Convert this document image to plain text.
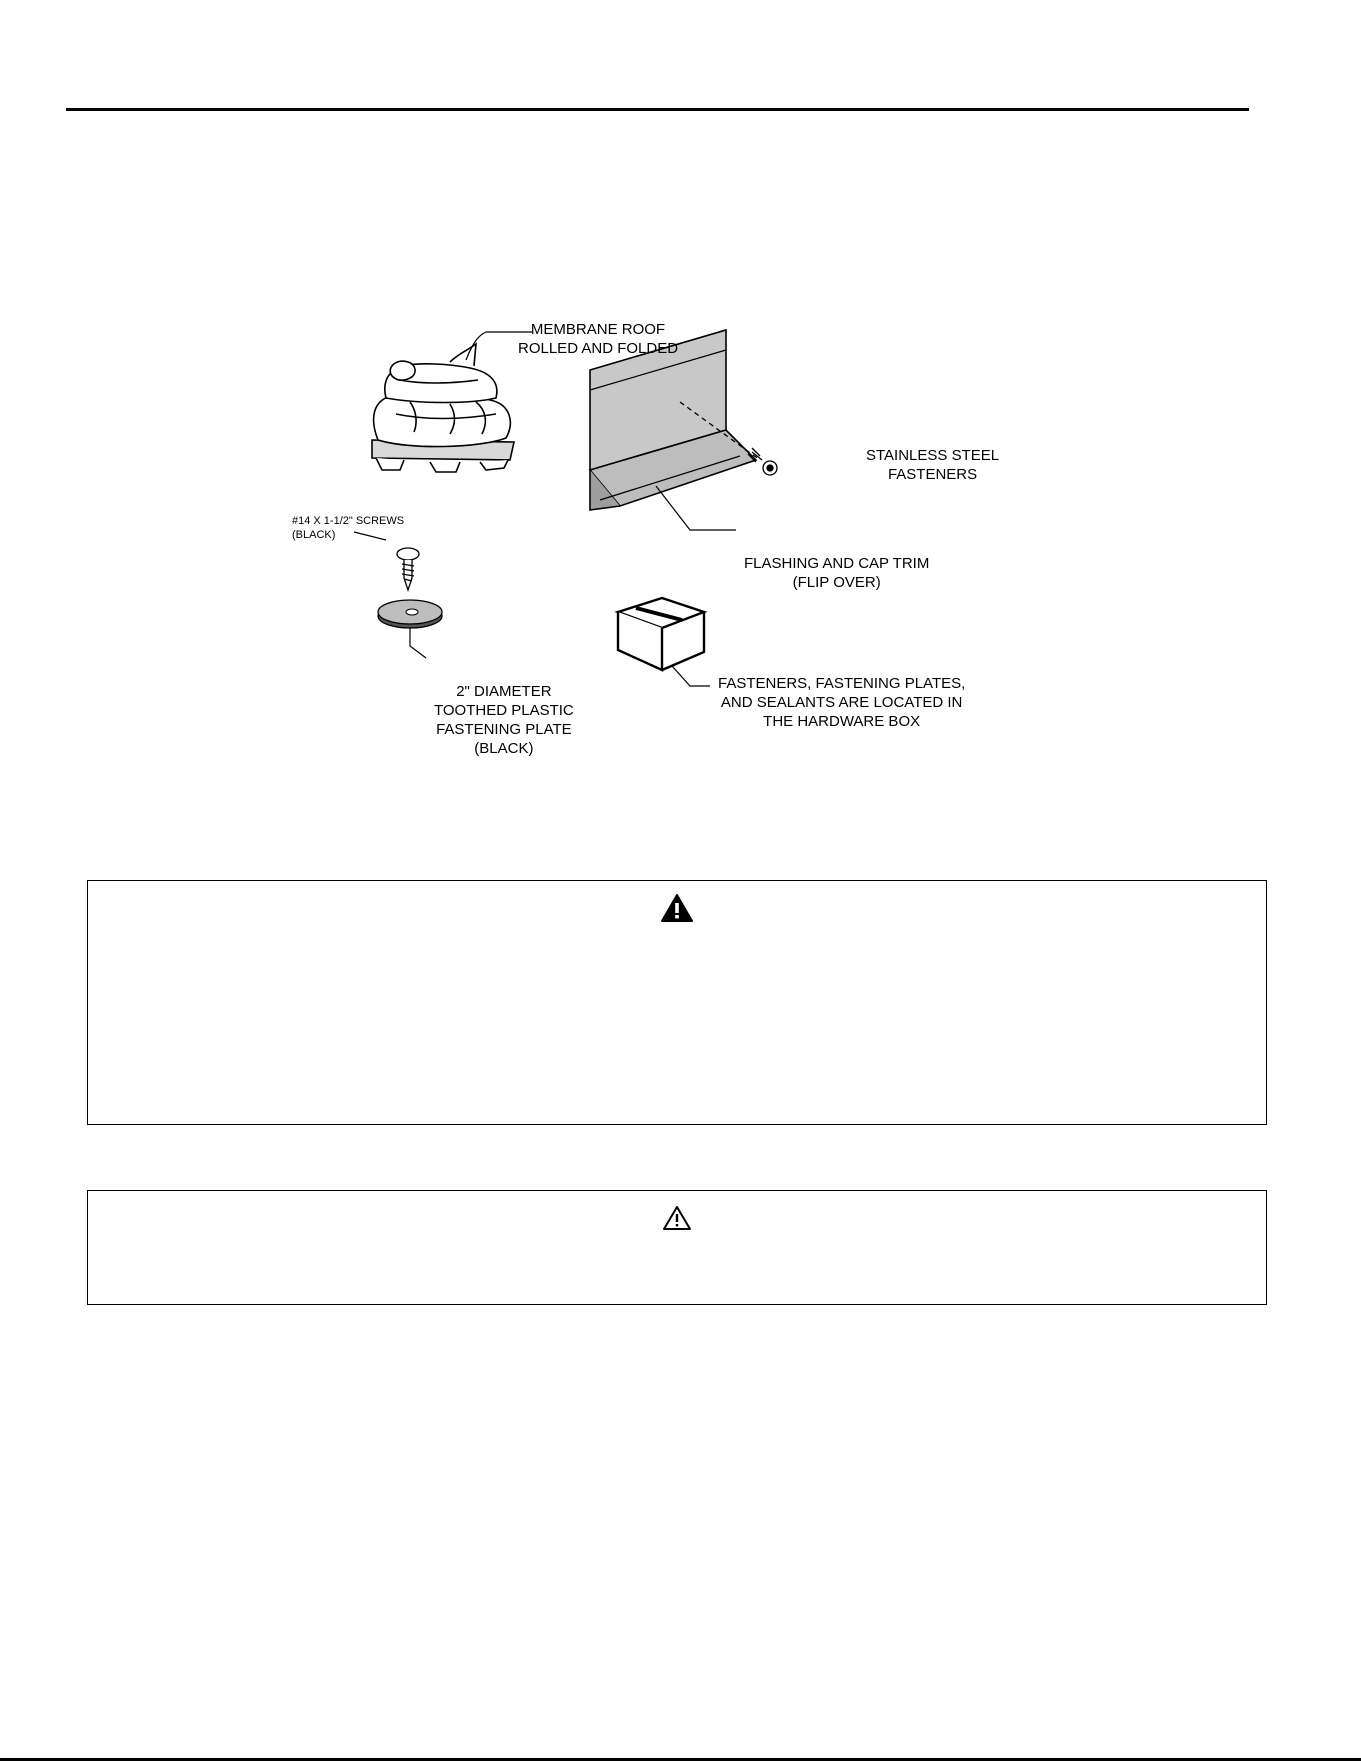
MEMBRANE ROOF
ROLLED AND FOLDED
STAINLESS STEEL
FASTENERS
#14 X 1-1/2" SCREWS
(BLACK)
FLASHING AND CAP TRIM
(FLIP OVER)
2" DIAMETER
TOOTHED PLASTIC
FASTENING PLATE
(BLACK)
FASTENERS, FASTENING PLATES,
AND SEALANTS ARE LOCATED IN
THE HARDWARE BOX
